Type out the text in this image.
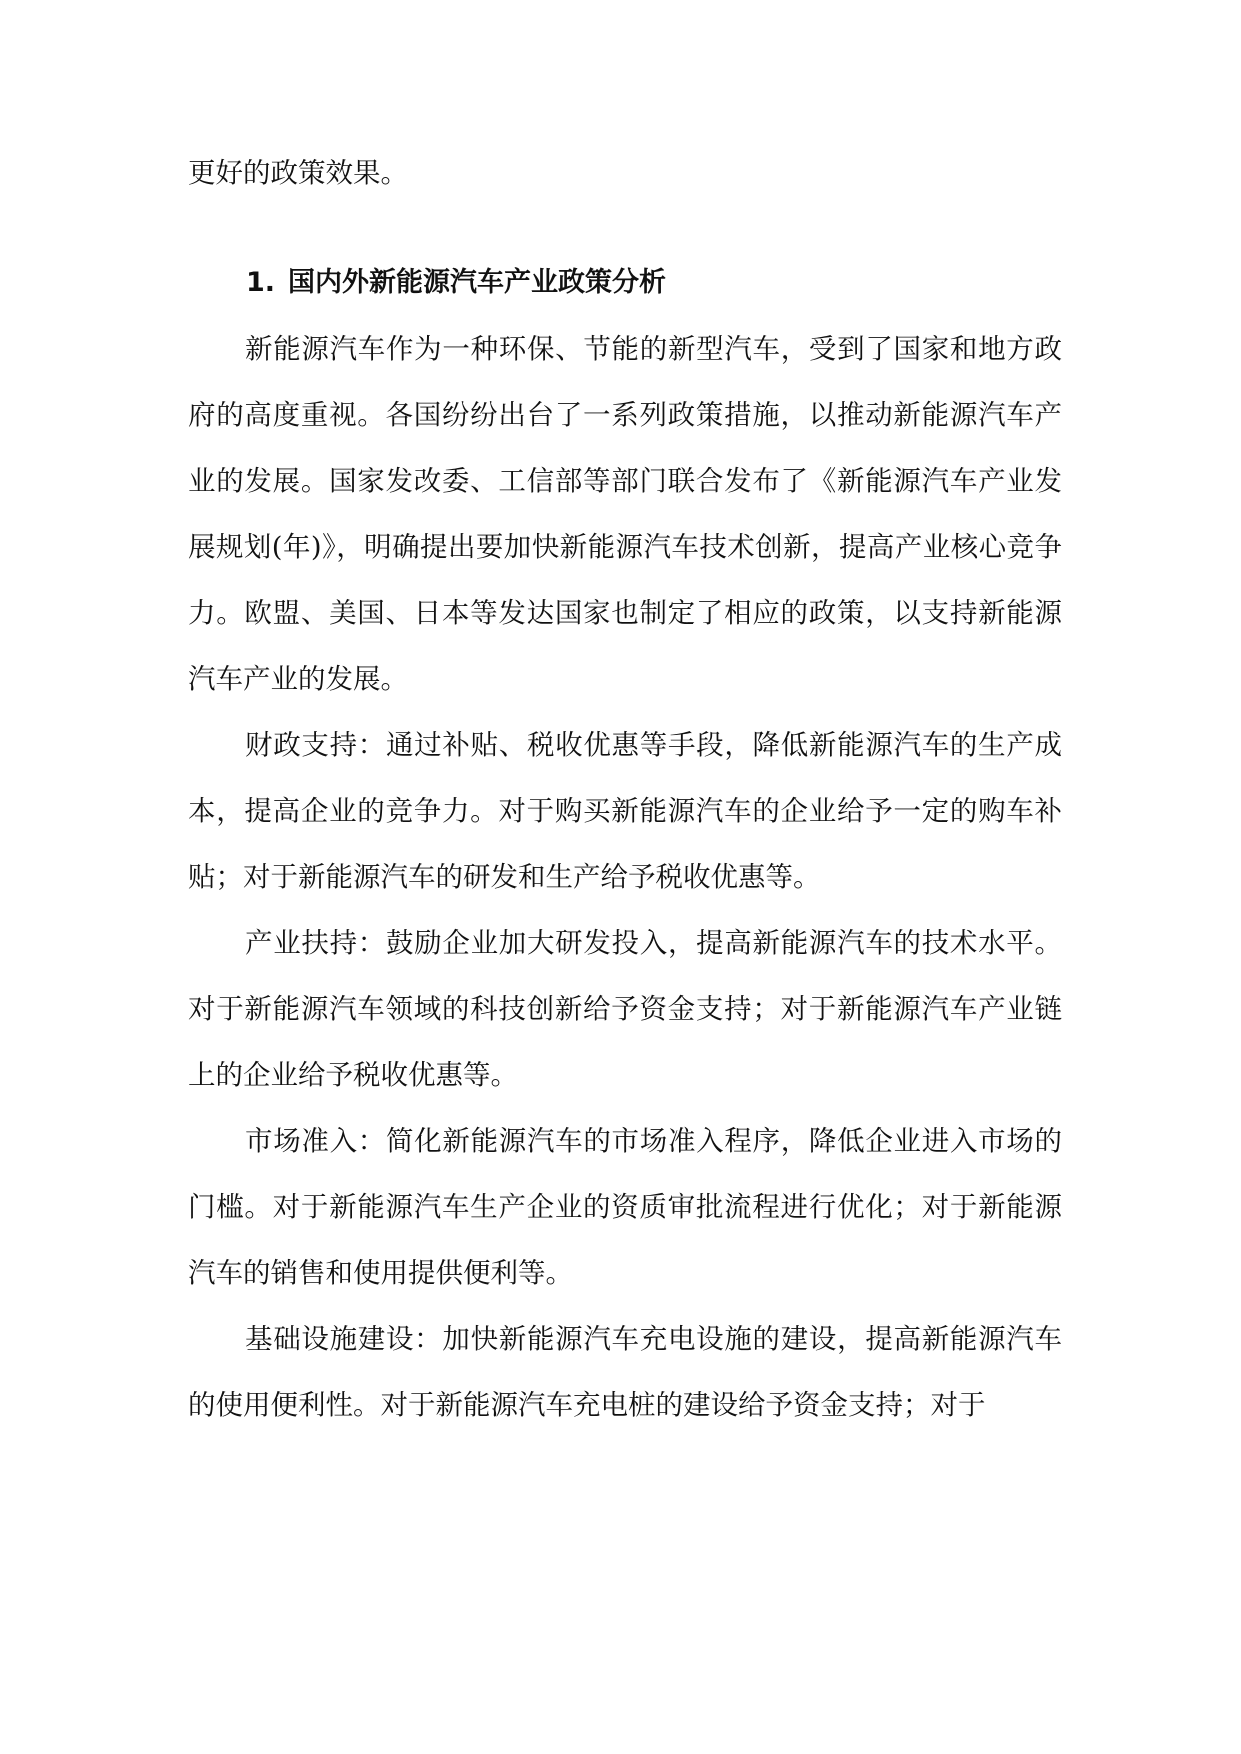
更好的政策效果。

1. 国内外新能源汽车产业政策分析

新能源汽车作为一种环保、节能的新型汽车，受到了国家和地方政府的高度重视。各国纷纷出台了一系列政策措施，以推动新能源汽车产业的发展。国家发改委、工信部等部门联合发布了《新能源汽车产业发展规划(年)》，明确提出要加快新能源汽车技术创新，提高产业核心竞争力。欧盟、美国、日本等发达国家也制定了相应的政策，以支持新能源汽车产业的发展。

财政支持：通过补贴、税收优惠等手段，降低新能源汽车的生产成本，提高企业的竞争力。对于购买新能源汽车的企业给予一定的购车补贴；对于新能源汽车的研发和生产给予税收优惠等。

产业扶持：鼓励企业加大研发投入，提高新能源汽车的技术水平。对于新能源汽车领域的科技创新给予资金支持；对于新能源汽车产业链上的企业给予税收优惠等。

市场准入：简化新能源汽车的市场准入程序，降低企业进入市场的门槛。对于新能源汽车生产企业的资质审批流程进行优化；对于新能源汽车的销售和使用提供便利等。

基础设施建设：加快新能源汽车充电设施的建设，提高新能源汽车的使用便利性。对于新能源汽车充电桩的建设给予资金支持；对于
